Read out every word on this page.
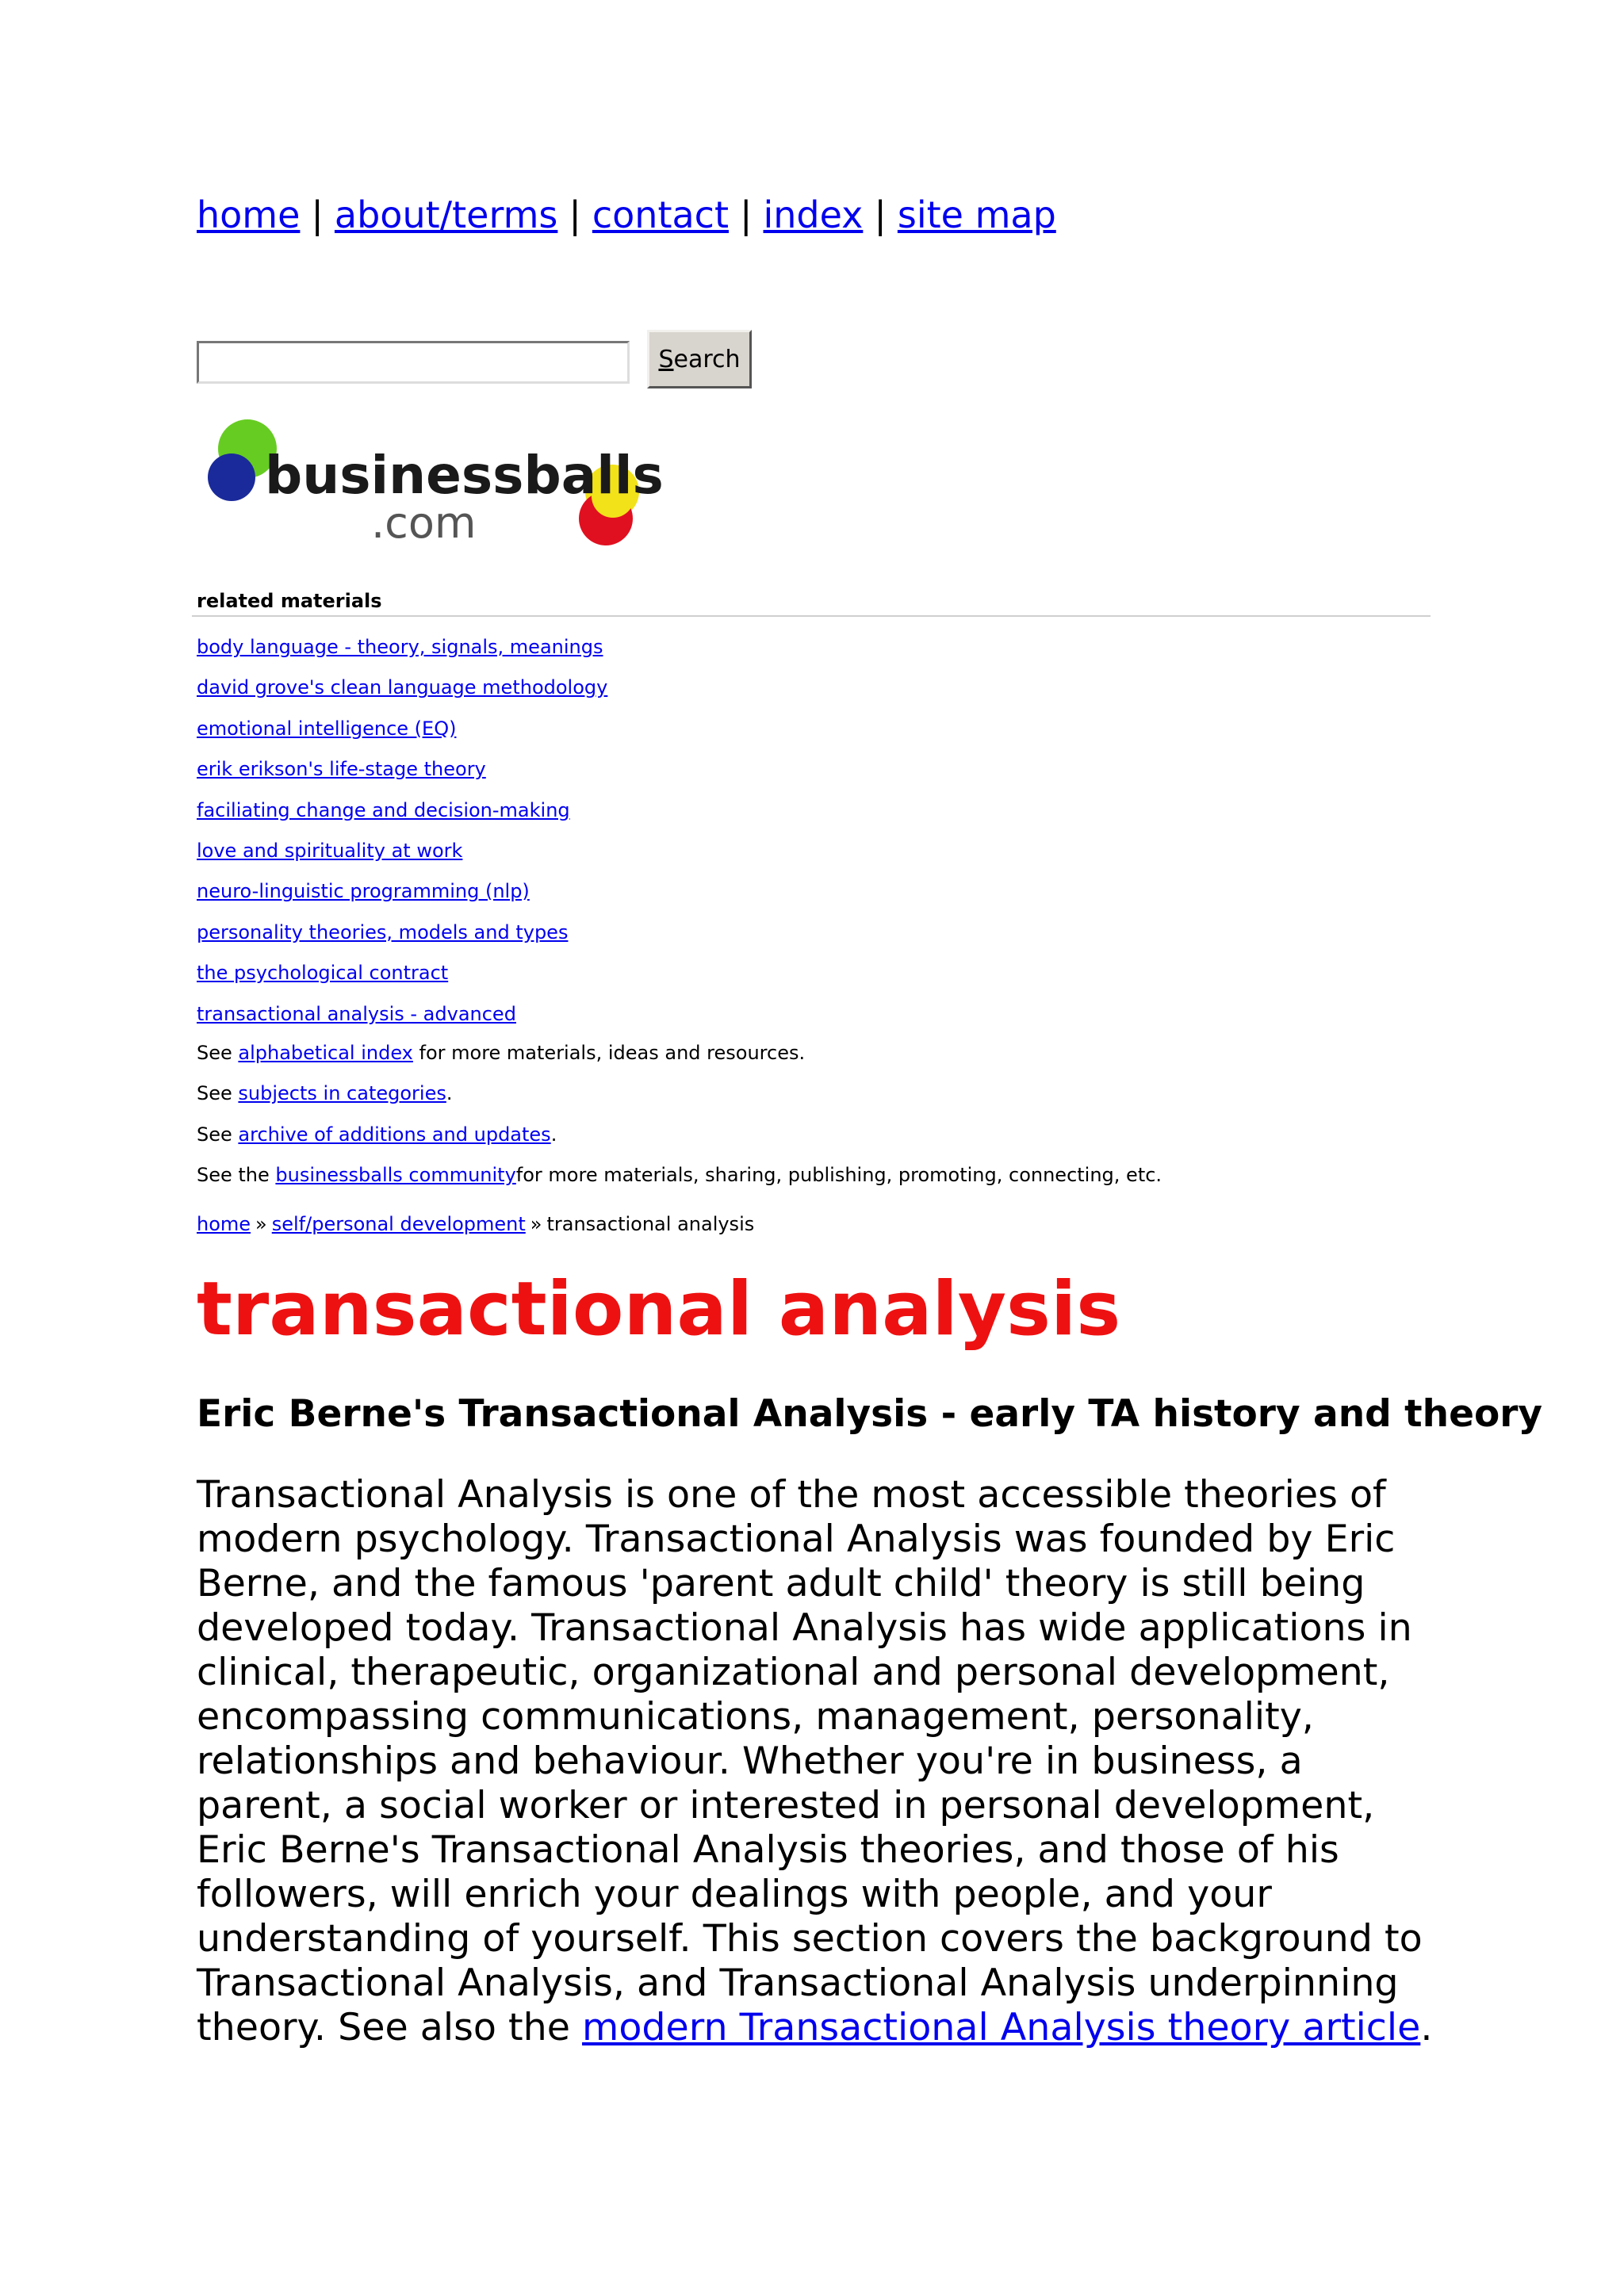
home | about/terms | contact | index | site map
Search
businessballs
.com
related materials
body language - theory, signals, meanings
david grove's clean language methodology
emotional intelligence (EQ)
erik erikson's life-stage theory
faciliating change and decision-making
love and spirituality at work
neuro-linguistic programming (nlp)
personality theories, models and types
the psychological contract
transactional analysis - advanced
See alphabetical index for more materials, ideas and resources.
See subjects in categories.
See archive of additions and updates.
See the businessballs communityfor more materials, sharing, publishing, promoting, connecting, etc.
home » self/personal development » transactional analysis
transactional analysis
Eric Berne's Transactional Analysis - early TA history and theory

Transactional Analysis is one of the most accessible theories of modern psychology. Transactional Analysis was founded by Eric Berne, and the famous 'parent adult child' theory is still being developed today. Transactional Analysis has wide applications in clinical, therapeutic, organizational and personal development, encompassing communications, management, personality, relationships and behaviour. Whether you're in business, a parent, a social worker or interested in personal development, Eric Berne's Transactional Analysis theories, and those of his followers, will enrich your dealings with people, and your understanding of yourself. This section covers the background to Transactional Analysis, and Transactional Analysis underpinning theory. See also the modern Transactional Analysis theory article.
